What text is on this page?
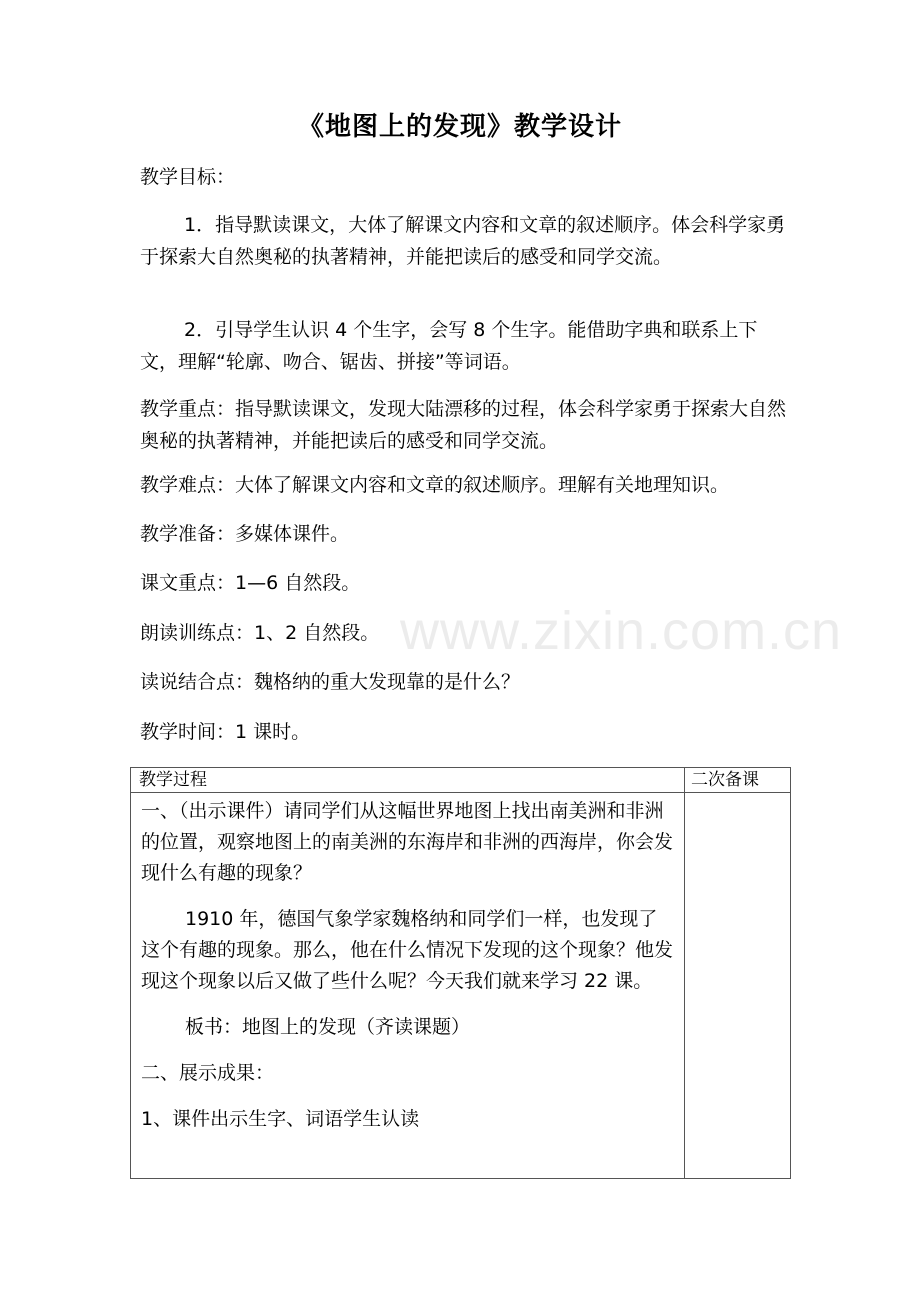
www.zixin.com.cn
《地图上的发现》教学设计
教学目标：
1．指导默读课文，大体了解课文内容和文章的叙述顺序。体会科学家勇于探索大自然奥秘的执著精神，并能把读后的感受和同学交流。
2．引导学生认识 4 个生字，会写 8 个生字。能借助字典和联系上下文，理解“轮廓、吻合、锯齿、拼接”等词语。
教学重点：指导默读课文，发现大陆漂移的过程，体会科学家勇于探索大自然奥秘的执著精神，并能把读后的感受和同学交流。
教学难点：大体了解课文内容和文章的叙述顺序。理解有关地理知识。
教学准备：多媒体课件。
课文重点：1—6 自然段。
朗读训练点：1、2 自然段。
读说结合点：魏格纳的重大发现靠的是什么？
教学时间：1 课时。
教学过程	二次备课

一、（出示课件）请同学们从这幅世界地图上找出南美洲和非洲的位置，观察地图上的南美洲的东海岸和非洲的西海岸，你会发现什么有趣的现象？

1910 年，德国气象学家魏格纳和同学们一样，也发现了这个有趣的现象。那么，他在什么情况下发现的这个现象？他发现这个现象以后又做了些什么呢？今天我们就来学习 22 课。

板书：地图上的发现（齐读课题）

二、展示成果：

1、课件出示生字、词语学生认读	
